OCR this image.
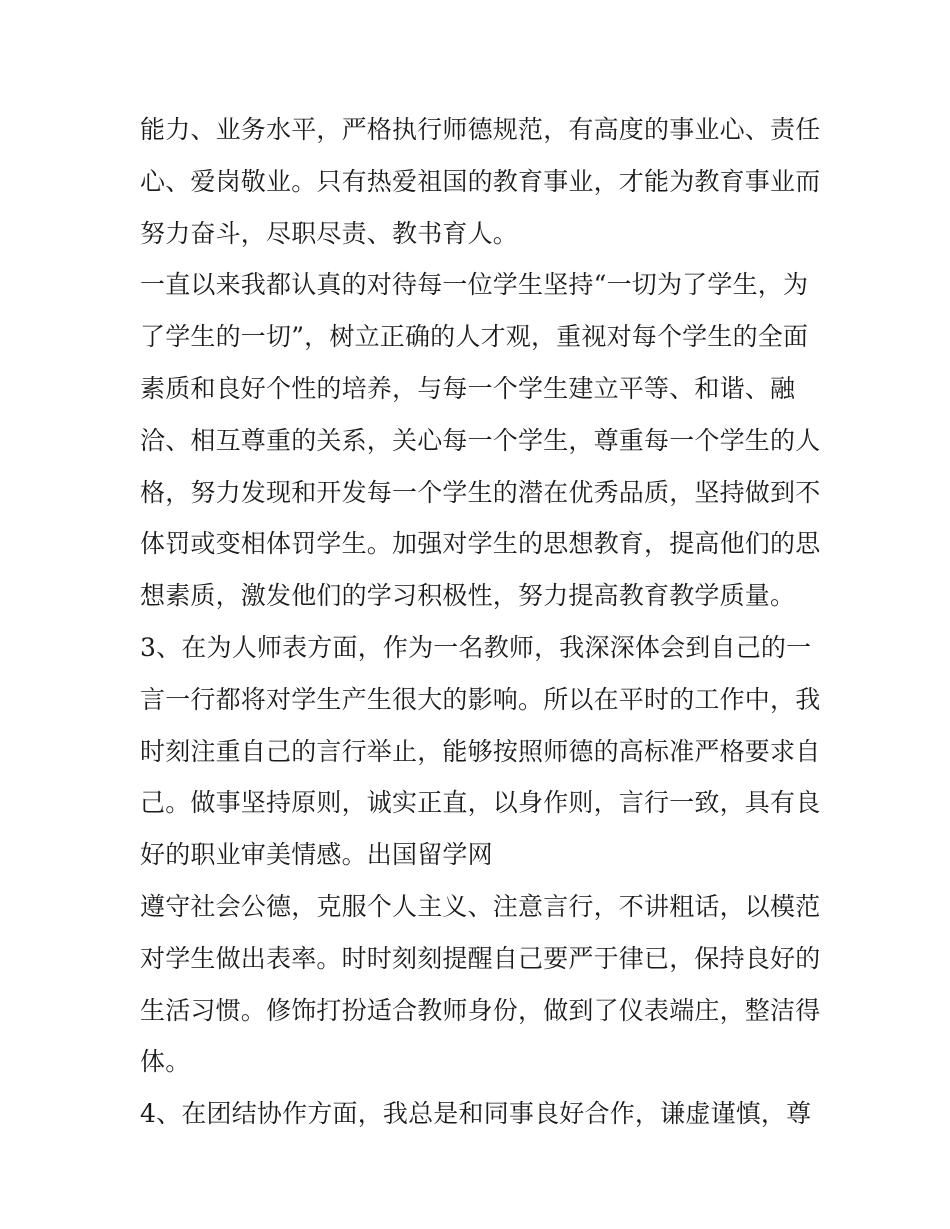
能力、业务水平，严格执行师德规范，有高度的事业心、责任
心、爱岗敬业。只有热爱祖国的教育事业，才能为教育事业而
努力奋斗，尽职尽责、教书育人。
一直以来我都认真的对待每一位学生坚持“一切为了学生，为
了学生的一切”，树立正确的人才观，重视对每个学生的全面
素质和良好个性的培养，与每一个学生建立平等、和谐、融
洽、相互尊重的关系，关心每一个学生，尊重每一个学生的人
格，努力发现和开发每一个学生的潜在优秀品质，坚持做到不
体罚或变相体罚学生。加强对学生的思想教育，提高他们的思
想素质，激发他们的学习积极性，努力提高教育教学质量。
3、在为人师表方面，作为一名教师，我深深体会到自己的一
言一行都将对学生产生很大的影响。所以在平时的工作中，我
时刻注重自己的言行举止，能够按照师德的高标准严格要求自
己。做事坚持原则，诚实正直，以身作则，言行一致，具有良
好的职业审美情感。出国留学网
遵守社会公德，克服个人主义、注意言行，不讲粗话，以模范
对学生做出表率。时时刻刻提醒自己要严于律已，保持良好的
生活习惯。修饰打扮适合教师身份，做到了仪表端庄，整洁得
体。
4、在团结协作方面，我总是和同事良好合作，谦虚谨慎，尊
